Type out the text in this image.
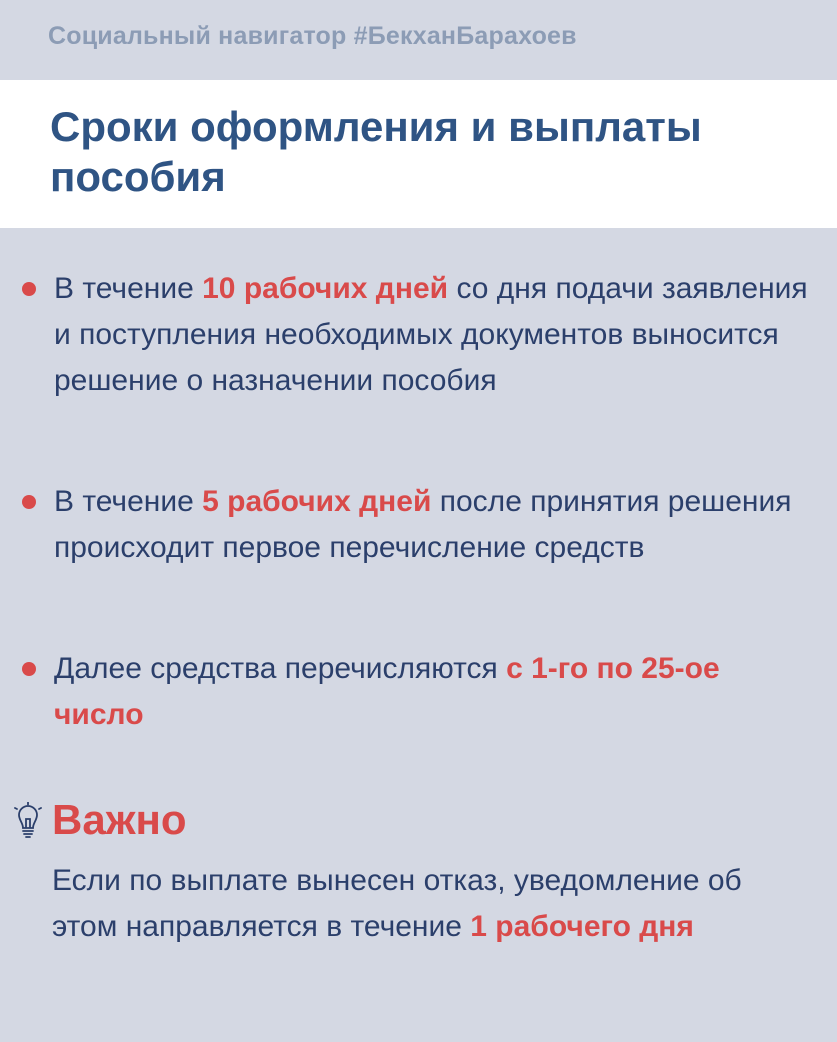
Социальный навигатор #БекханБарахоев
Сроки оформления и выплаты пособия
В течение 10 рабочих дней со дня подачи заявления и поступления необходимых документов выносится решение о назначении пособия
В течение 5 рабочих дней после принятия решения происходит первое перечисление средств
Далее средства перечисляются с 1-го по 25-ое число
Важно
Если по выплате вынесен отказ, уведомление об этом направляется в течение 1 рабочего дня
